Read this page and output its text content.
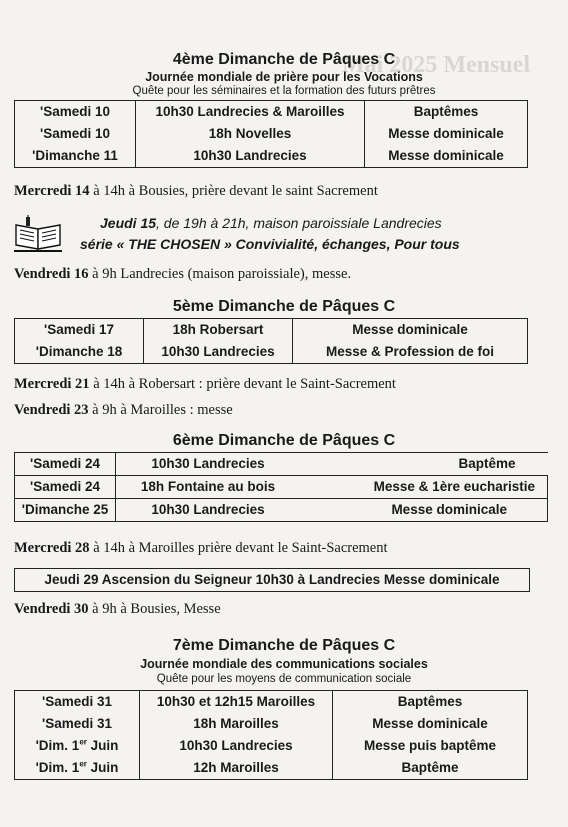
Mai 2025 Mensuel
4ème Dimanche de Pâques C
Journée mondiale de prière pour les Vocations
Quête pour les séminaires et la formation des futurs prêtres
'Samedi 10	10h30 Landrecies & Maroilles	Baptêmes
'Samedi 10	18h Novelles	Messe dominicale
'Dimanche 11	10h30 Landrecies	Messe dominicale
Mercredi 14 à 14h à Bousies, prière devant le saint Sacrement
Jeudi 15, de 19h à 21h, maison paroissiale Landrecies
série « THE CHOSEN » Convivialité, échanges, Pour tous
Vendredi 16 à 9h Landrecies (maison paroissiale), messe.
5ème Dimanche de Pâques C
'Samedi 17	18h Robersart	Messe dominicale
'Dimanche 18	10h30 Landrecies	Messe & Profession de foi
Mercredi 21 à 14h à Robersart : prière devant le Saint-Sacrement
Vendredi 23 à 9h à Maroilles : messe
6ème Dimanche de Pâques C
'Samedi 24	10h30 Landrecies	Baptême
'Samedi 24	18h Fontaine au bois	Messe & 1ère eucharistie
'Dimanche 25	10h30 Landrecies	Messe dominicale
Mercredi 28 à 14h à Maroilles prière devant le Saint-Sacrement
Jeudi 29 Ascension du Seigneur 10h30 à Landrecies Messe dominicale
Vendredi 30 à 9h à Bousies, Messe
7ème Dimanche de Pâques C
Journée mondiale des communications sociales
Quête pour les moyens de communication sociale
'Samedi 31	10h30 et 12h15 Maroilles	Baptêmes
'Samedi 31	18h Maroilles	Messe dominicale
'Dim. 1er Juin	10h30 Landrecies	Messe puis baptême
'Dim. 1er Juin	12h Maroilles	Baptême
